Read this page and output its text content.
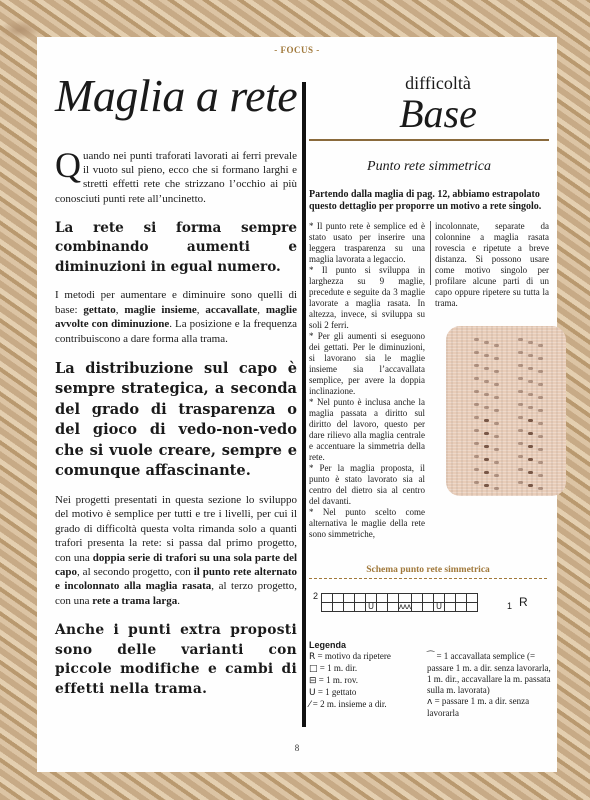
- FOCUS -
Maglia a rete

Quando nei punti traforati lavorati ai ferri prevale il vuoto sul pieno, ecco che si formano larghi e stretti effetti rete che strizzano l’occhio ai più conosciuti punti rete all’uncinetto.

La rete si forma sempre combinando aumenti e diminuzioni in egual numero.

I metodi per aumentare e diminuire sono quelli di base: gettato, maglie insieme, accavallate, maglie avvolte con diminuzione. La posizione e la frequenza contribuiscono a dare forma alla trama.

La distribuzione sul capo è sempre strategica, a seconda del grado di trasparenza o del gioco di vedo-non-vedo che si vuole creare, sempre e comunque affascinante.

Nei progetti presentati in questa sezione lo sviluppo del motivo è semplice per tutti e tre i livelli, per cui il grado di difficoltà questa volta rimanda solo a quanti trafori presenta la rete: si passa dal primo progetto, con una doppia serie di trafori su una sola parte del capo, al secondo progetto, con il punto rete alternato e incolonnato alla maglia rasata, al terzo progetto, con una rete a trama larga.

Anche i punti extra proposti sono delle varianti con piccole modifiche e cambi di effetti nella trama.

difficoltà
Base
Punto rete simmetrica

Partendo dalla maglia di pag. 12, abbiamo estrapolato questo dettaglio per proporre un motivo a rete singolo.

* Il punto rete è semplice ed è stato usato per inserire una leggera trasparenza su una maglia lavorata a legaccio.

* Il punto si sviluppa in larghezza su 9 maglie, precedute e seguite da 3 maglie lavorate a maglia rasata. In altezza, invece, si sviluppa su soli 2 ferri.

* Per gli aumenti si eseguono dei gettati. Per le diminuzioni, si lavorano sia le maglie insieme sia l’accavallata semplice, per avere la doppia inclinazione.

* Nel punto è inclusa anche la maglia passata a diritto sul diritto del lavoro, questo per dare rilievo alla maglia centrale e accentuare la simmetria della rete.

* Per la maglia proposta, il punto è stato lavorato sia al centro del dietro sia al centro del davanti.

* Nel punto scelto come alternativa le maglie della rete sono simmetriche,

incolonnate, separate da colonnine a maglia rasata rovescia e ripetute a breve distanza. Si possono usare come motivo singolo per profilare alcune parti di un capo oppure ripetere su tutta la trama.

Schema punto rete simmetrica
2

				U			ʌʌʌ			U				1 R
Legenda
R = motivo da ripetere
□ = 1 m. dir.
⊟ = 1 m. rov.
U = 1 gettato
⁄ = 2 m. insieme a dir.
⁀ = 1 accavallata semplice (= passare 1 m. a dir. senza lavorarla, 1 m. dir., accavallare la m. passata sulla m. lavorata)
ʌ = passare 1 m. a dir. senza lavorarla
8
